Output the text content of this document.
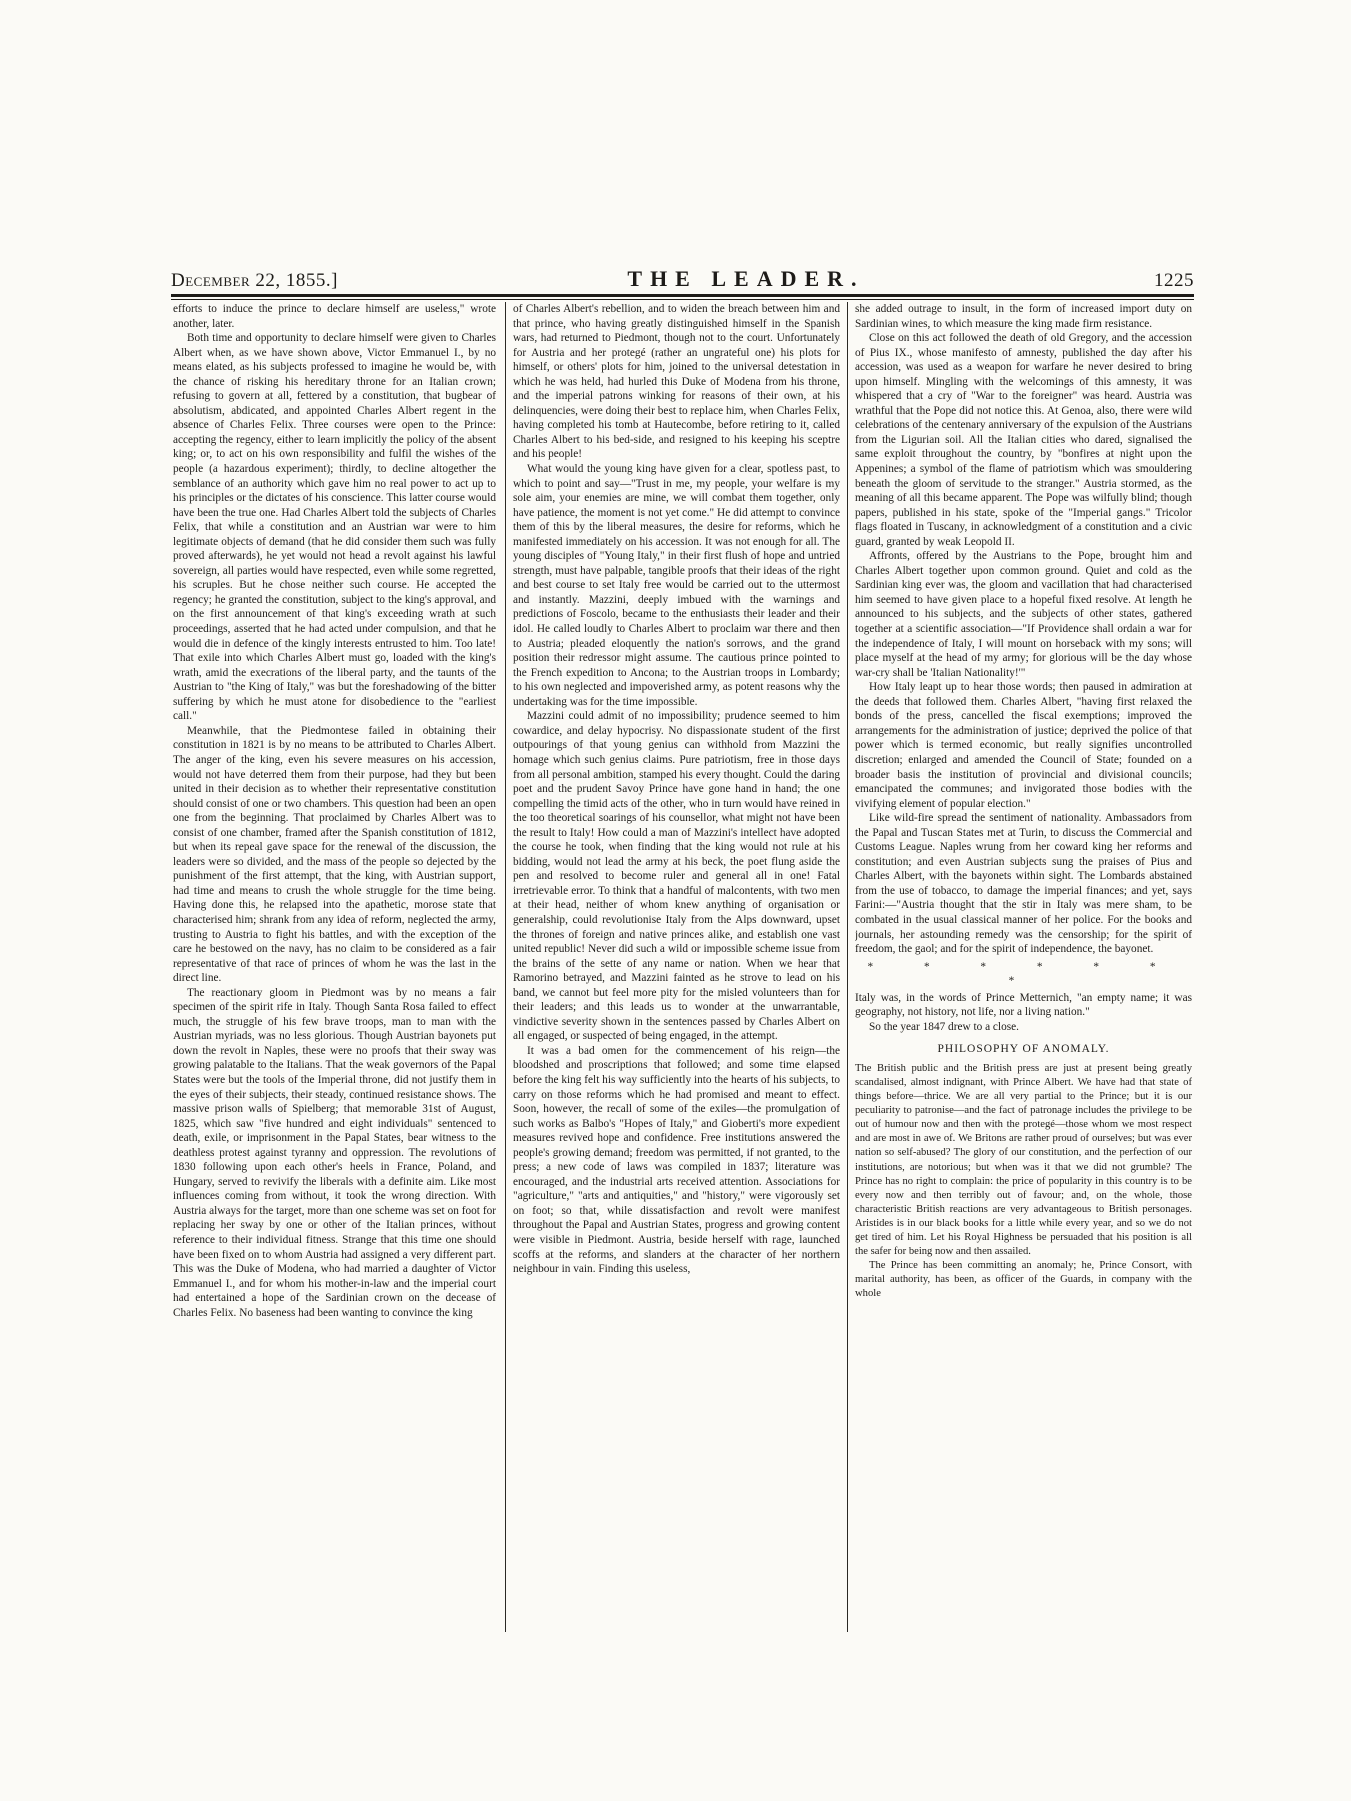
December 22, 1855.]	THE LEADER.	1225

efforts to induce the prince to declare himself are useless," wrote another, later.

Both time and opportunity to declare himself were given to Charles Albert when, as we have shown above, Victor Emmanuel I., by no means elated, as his subjects professed to imagine he would be, with the chance of risking his hereditary throne for an Italian crown; refusing to govern at all, fettered by a constitution, that bugbear of absolutism, abdicated, and appointed Charles Albert regent in the absence of Charles Felix. Three courses were open to the Prince: accepting the regency, either to learn implicitly the policy of the absent king; or, to act on his own responsibility and fulfil the wishes of the people (a hazardous experiment); thirdly, to decline altogether the semblance of an authority which gave him no real power to act up to his principles or the dictates of his conscience. This latter course would have been the true one. Had Charles Albert told the subjects of Charles Felix, that while a constitution and an Austrian war were to him legitimate objects of demand (that he did consider them such was fully proved afterwards), he yet would not head a revolt against his lawful sovereign, all parties would have respected, even while some regretted, his scruples. But he chose neither such course. He accepted the regency; he granted the constitution, subject to the king's approval, and on the first announcement of that king's exceeding wrath at such proceedings, asserted that he had acted under compulsion, and that he would die in defence of the kingly interests entrusted to him. Too late! That exile into which Charles Albert must go, loaded with the king's wrath, amid the execrations of the liberal party, and the taunts of the Austrian to "the King of Italy," was but the foreshadowing of the bitter suffering by which he must atone for disobedience to the "earliest call."

Meanwhile, that the Piedmontese failed in obtaining their constitution in 1821 is by no means to be attributed to Charles Albert. The anger of the king, even his severe measures on his accession, would not have deterred them from their purpose, had they but been united in their decision as to whether their representative constitution should consist of one or two chambers. This question had been an open one from the beginning. That proclaimed by Charles Albert was to consist of one chamber, framed after the Spanish constitution of 1812, but when its repeal gave space for the renewal of the discussion, the leaders were so divided, and the mass of the people so dejected by the punishment of the first attempt, that the king, with Austrian support, had time and means to crush the whole struggle for the time being. Having done this, he relapsed into the apathetic, morose state that characterised him; shrank from any idea of reform, neglected the army, trusting to Austria to fight his battles, and with the exception of the care he bestowed on the navy, has no claim to be considered as a fair representative of that race of princes of whom he was the last in the direct line.

The reactionary gloom in Piedmont was by no means a fair specimen of the spirit rife in Italy. Though Santa Rosa failed to effect much, the struggle of his few brave troops, man to man with the Austrian myriads, was no less glorious. Though Austrian bayonets put down the revolt in Naples, these were no proofs that their sway was growing palatable to the Italians. That the weak governors of the Papal States were but the tools of the Imperial throne, did not justify them in the eyes of their subjects, their steady, continued resistance shows. The massive prison walls of Spielberg; that memorable 31st of August, 1825, which saw "five hundred and eight individuals" sentenced to death, exile, or imprisonment in the Papal States, bear witness to the deathless protest against tyranny and oppression. The revolutions of 1830 following upon each other's heels in France, Poland, and Hungary, served to revivify the liberals with a definite aim. Like most influences coming from without, it took the wrong direction. With Austria always for the target, more than one scheme was set on foot for replacing her sway by one or other of the Italian princes, without reference to their individual fitness. Strange that this time one should have been fixed on to whom Austria had assigned a very different part. This was the Duke of Modena, who had married a daughter of Victor Emmanuel I., and for whom his mother-in-law and the imperial court had entertained a hope of the Sardinian crown on the decease of Charles Felix. No baseness had been wanting to convince the king

of Charles Albert's rebellion, and to widen the breach between him and that prince, who having greatly distinguished himself in the Spanish wars, had returned to Piedmont, though not to the court. Unfortunately for Austria and her protegé (rather an ungrateful one) his plots for himself, or others' plots for him, joined to the universal detestation in which he was held, had hurled this Duke of Modena from his throne, and the imperial patrons winking for reasons of their own, at his delinquencies, were doing their best to replace him, when Charles Felix, having completed his tomb at Hautecombe, before retiring to it, called Charles Albert to his bed-side, and resigned to his keeping his sceptre and his people!

What would the young king have given for a clear, spotless past, to which to point and say—"Trust in me, my people, your welfare is my sole aim, your enemies are mine, we will combat them together, only have patience, the moment is not yet come." He did attempt to convince them of this by the liberal measures, the desire for reforms, which he manifested immediately on his accession. It was not enough for all. The young disciples of "Young Italy," in their first flush of hope and untried strength, must have palpable, tangible proofs that their ideas of the right and best course to set Italy free would be carried out to the uttermost and instantly. Mazzini, deeply imbued with the warnings and predictions of Foscolo, became to the enthusiasts their leader and their idol. He called loudly to Charles Albert to proclaim war there and then to Austria; pleaded eloquently the nation's sorrows, and the grand position their redressor might assume. The cautious prince pointed to the French expedition to Ancona; to the Austrian troops in Lombardy; to his own neglected and impoverished army, as potent reasons why the undertaking was for the time impossible.

Mazzini could admit of no impossibility; prudence seemed to him cowardice, and delay hypocrisy. No dispassionate student of the first outpourings of that young genius can withhold from Mazzini the homage which such genius claims. Pure patriotism, free in those days from all personal ambition, stamped his every thought. Could the daring poet and the prudent Savoy Prince have gone hand in hand; the one compelling the timid acts of the other, who in turn would have reined in the too theoretical soarings of his counsellor, what might not have been the result to Italy! How could a man of Mazzini's intellect have adopted the course he took, when finding that the king would not rule at his bidding, would not lead the army at his beck, the poet flung aside the pen and resolved to become ruler and general all in one! Fatal irretrievable error. To think that a handful of malcontents, with two men at their head, neither of whom knew anything of organisation or generalship, could revolutionise Italy from the Alps downward, upset the thrones of foreign and native princes alike, and establish one vast united republic! Never did such a wild or impossible scheme issue from the brains of the sette of any name or nation. When we hear that Ramorino betrayed, and Mazzini fainted as he strove to lead on his band, we cannot but feel more pity for the misled volunteers than for their leaders; and this leads us to wonder at the unwarrantable, vindictive severity shown in the sentences passed by Charles Albert on all engaged, or suspected of being engaged, in the attempt.

It was a bad omen for the commencement of his reign—the bloodshed and proscriptions that followed; and some time elapsed before the king felt his way sufficiently into the hearts of his subjects, to carry on those reforms which he had promised and meant to effect. Soon, however, the recall of some of the exiles—the promulgation of such works as Balbo's "Hopes of Italy," and Gioberti's more expedient measures revived hope and confidence. Free institutions answered the people's growing demand; freedom was permitted, if not granted, to the press; a new code of laws was compiled in 1837; literature was encouraged, and the industrial arts received attention. Associations for "agriculture," "arts and antiquities," and "history," were vigorously set on foot; so that, while dissatisfaction and revolt were manifest throughout the Papal and Austrian States, progress and growing content were visible in Piedmont. Austria, beside herself with rage, launched scoffs at the reforms, and slanders at the character of her northern neighbour in vain. Finding this useless,

she added outrage to insult, in the form of increased import duty on Sardinian wines, to which measure the king made firm resistance.

Close on this act followed the death of old Gregory, and the accession of Pius IX., whose manifesto of amnesty, published the day after his accession, was used as a weapon for warfare he never desired to bring upon himself. Mingling with the welcomings of this amnesty, it was whispered that a cry of "War to the foreigner" was heard. Austria was wrathful that the Pope did not notice this. At Genoa, also, there were wild celebrations of the centenary anniversary of the expulsion of the Austrians from the Ligurian soil. All the Italian cities who dared, signalised the same exploit throughout the country, by "bonfires at night upon the Appenines; a symbol of the flame of patriotism which was smouldering beneath the gloom of servitude to the stranger." Austria stormed, as the meaning of all this became apparent. The Pope was wilfully blind; though papers, published in his state, spoke of the "Imperial gangs." Tricolor flags floated in Tuscany, in acknowledgment of a constitution and a civic guard, granted by weak Leopold II.

Affronts, offered by the Austrians to the Pope, brought him and Charles Albert together upon common ground. Quiet and cold as the Sardinian king ever was, the gloom and vacillation that had characterised him seemed to have given place to a hopeful fixed resolve. At length he announced to his subjects, and the subjects of other states, gathered together at a scientific association—"If Providence shall ordain a war for the independence of Italy, I will mount on horseback with my sons; will place myself at the head of my army; for glorious will be the day whose war-cry shall be 'Italian Nationality!'"

How Italy leapt up to hear those words; then paused in admiration at the deeds that followed them. Charles Albert, "having first relaxed the bonds of the press, cancelled the fiscal exemptions; improved the arrangements for the administration of justice; deprived the police of that power which is termed economic, but really signifies uncontrolled discretion; enlarged and amended the Council of State; founded on a broader basis the institution of provincial and divisional councils; emancipated the communes; and invigorated those bodies with the vivifying element of popular election."

Like wild-fire spread the sentiment of nationality. Ambassadors from the Papal and Tuscan States met at Turin, to discuss the Commercial and Customs League. Naples wrung from her coward king her reforms and constitution; and even Austrian subjects sung the praises of Pius and Charles Albert, with the bayonets within sight. The Lombards abstained from the use of tobacco, to damage the imperial finances; and yet, says Farini:—"Austria thought that the stir in Italy was mere sham, to be combated in the usual classical manner of her police. For the books and journals, her astounding remedy was the censorship; for the spirit of freedom, the gaol; and for the spirit of independence, the bayonet.

* * * * * * *

Italy was, in the words of Prince Metternich, "an empty name; it was geography, not history, not life, nor a living nation."

So the year 1847 drew to a close.

PHILOSOPHY OF ANOMALY.

The British public and the British press are just at present being greatly scandalised, almost indignant, with Prince Albert. We have had that state of things before—thrice. We are all very partial to the Prince; but it is our peculiarity to patronise—and the fact of patronage includes the privilege to be out of humour now and then with the protegé—those whom we most respect and are most in awe of. We Britons are rather proud of ourselves; but was ever nation so self-abused? The glory of our constitution, and the perfection of our institutions, are notorious; but when was it that we did not grumble? The Prince has no right to complain: the price of popularity in this country is to be every now and then terribly out of favour; and, on the whole, those characteristic British reactions are very advantageous to British personages. Aristides is in our black books for a little while every year, and so we do not get tired of him. Let his Royal Highness be persuaded that his position is all the safer for being now and then assailed.

The Prince has been committing an anomaly; he, Prince Consort, with marital authority, has been, as officer of the Guards, in company with the whole
